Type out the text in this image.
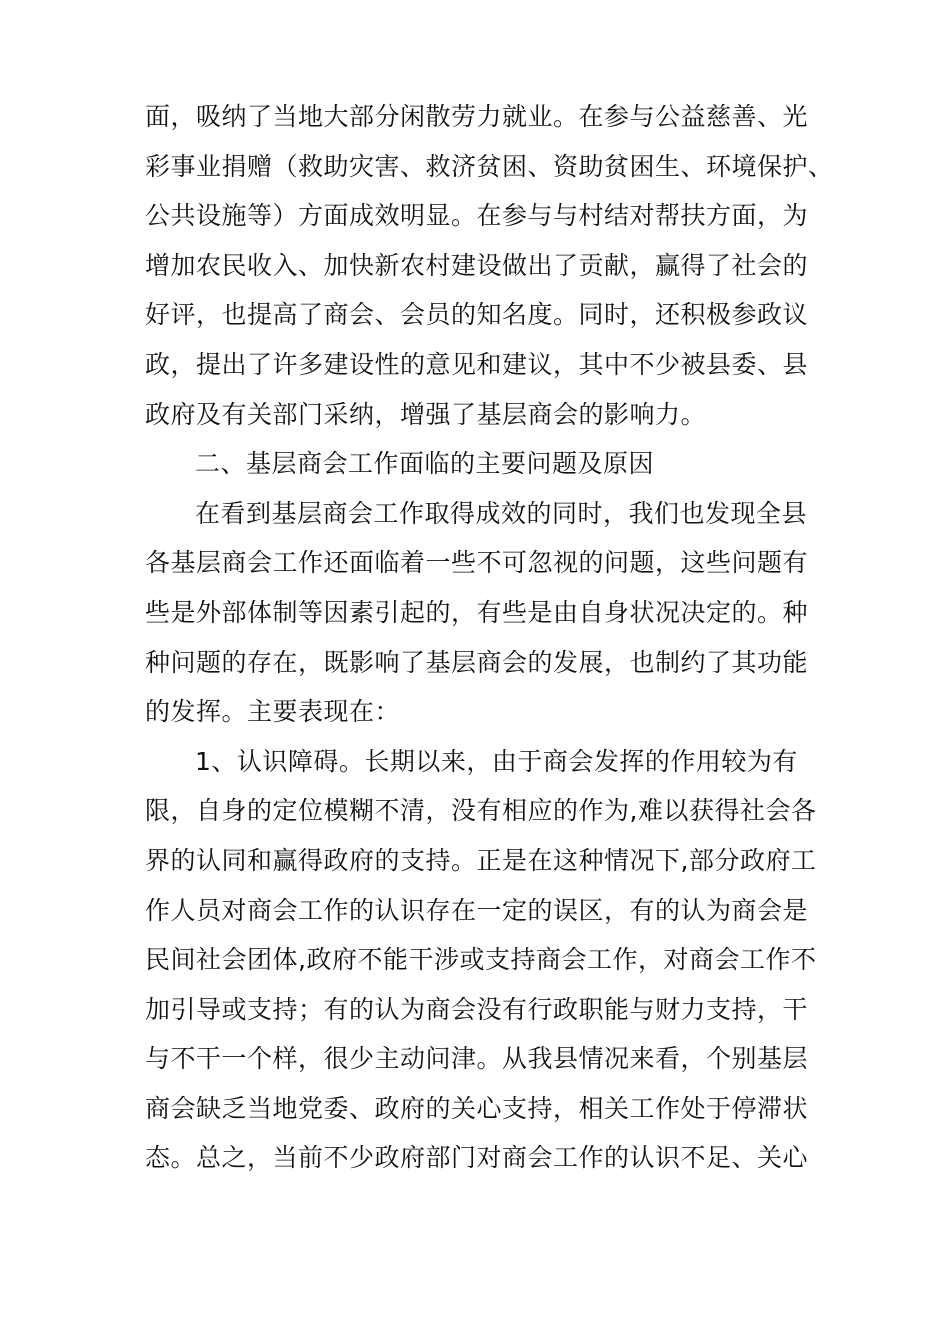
面，吸纳了当地大部分闲散劳力就业。在参与公益慈善、光
彩事业捐赠（救助灾害、救济贫困、资助贫困生、环境保护、
公共设施等）方面成效明显。在参与与村结对帮扶方面，为
增加农民收入、加快新农村建设做出了贡献，赢得了社会的
好评，也提高了商会、会员的知名度。同时，还积极参政议
政，提出了许多建设性的意见和建议，其中不少被县委、县
政府及有关部门采纳，增强了基层商会的影响力。
二、基层商会工作面临的主要问题及原因
在看到基层商会工作取得成效的同时，我们也发现全县
各基层商会工作还面临着一些不可忽视的问题，这些问题有
些是外部体制等因素引起的，有些是由自身状况决定的。种
种问题的存在，既影响了基层商会的发展，也制约了其功能
的发挥。主要表现在：
1、认识障碍。长期以来，由于商会发挥的作用较为有
限，自身的定位模糊不清，没有相应的作为,难以获得社会各
界的认同和赢得政府的支持。正是在这种情况下,部分政府工
作人员对商会工作的认识存在一定的误区，有的认为商会是
民间社会团体,政府不能干涉或支持商会工作，对商会工作不
加引导或支持；有的认为商会没有行政职能与财力支持，干
与不干一个样，很少主动问津。从我县情况来看，个别基层
商会缺乏当地党委、政府的关心支持，相关工作处于停滞状
态。总之，当前不少政府部门对商会工作的认识不足、关心
